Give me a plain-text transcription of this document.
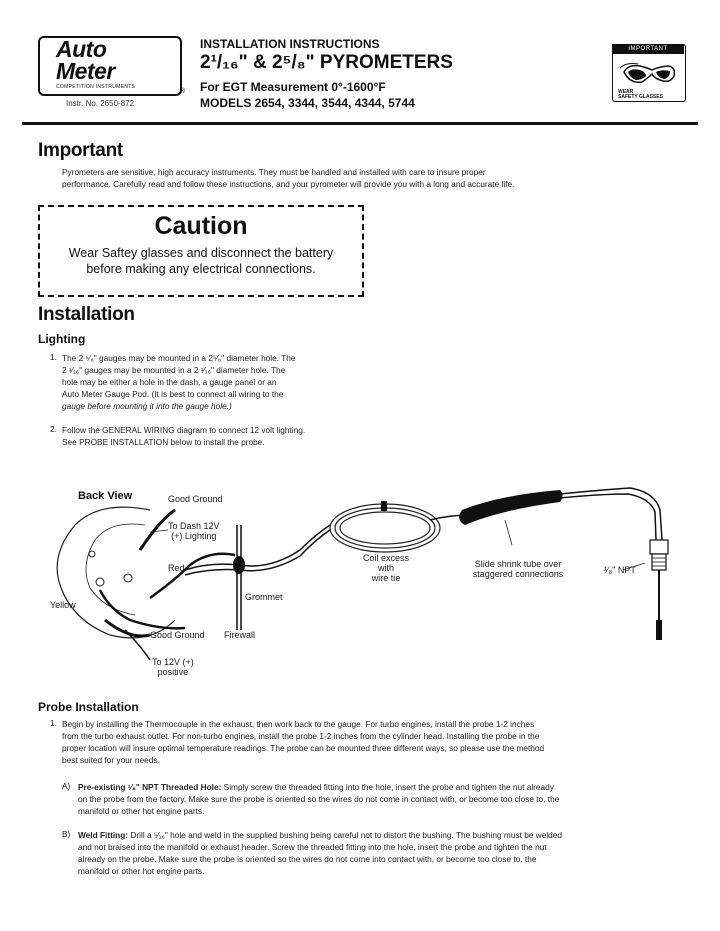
Auto
Meter
COMPETITION INSTRUMENTS
®
Instr. No. 2650-872
INSTALLATION INSTRUCTIONS
2¹/₁₆" & 2⁵/₈" PYROMETERS
For EGT Measurement 0°-1600°F
MODELS 2654, 3344, 3544, 4344, 5744
IMPORTANT
WEAR
SAFETY GLASSES
Important
Pyrometers are sensitive, high accuracy instruments. They must be handled and installed with care to insure proper
performance. Carefully read and follow these instructions, and your pyrometer will provide you with a long and accurate life.
Caution
Wear Saftey glasses and disconnect the battery
before making any electrical connections.
Installation
Lighting
1. The 2 ⁵⁄₈" gauges may be mounted in a 2⁵⁄₈" diameter hole. The
2 ¹⁄₁₆" gauges may be mounted in a 2 ¹⁄₁₆" diameter hole. The
hole may be either a hole in the dash, a gauge panel or an
Auto Meter Gauge Pod. (It is best to connect all wiring to the
gauge before mounting it into the gauge hole.)
2. Follow the GENERAL WIRING diagram to connect 12 volt lighting.
See PROBE INSTALLATION below to install the probe.
Back View	Good Ground
To Dash 12V
(+) Lighting
Red
Yellow
Grommet
Good Ground Firewall
To 12V (+)
positive
Coil excess
with
wire tie
Slide shrink tube over
staggered connections	¹⁄₈" NPT
Probe Installation
1. Begin by installing the Thermocouple in the exhaust, then work back to the gauge. For turbo engines, install the probe 1-2 inches
from the turbo exhaust outlet. For non-turbo engines, install the probe 1-2 inches from the cylinder head. Installing the probe in the
proper location will insure optimal temperature readings. The probe can be mounted three different ways, so please use the method
best suited for your needs.
A) Pre-existing ¹⁄₈" NPT Threaded Hole: Simply screw the threaded fitting into the hole, insert the probe and tighten the nut already
on the probe from the factory. Make sure the probe is oriented so the wires do not come in contact with, or become too close to, the
manifold or other hot engine parts.
B) Weld Fitting: Drill a ⁵⁄₁₆" hole and weld in the supplied bushing being careful not to distort the bushing. The bushing must be welded
and not braised into the manifold or exhaust header. Screw the threaded fitting into the hole, insert the probe and tighten the nut
already on the probe. Make sure the probe is oriented so the wires do not come into contact with, or become too close to, the
manifold or other hot engine parts.
